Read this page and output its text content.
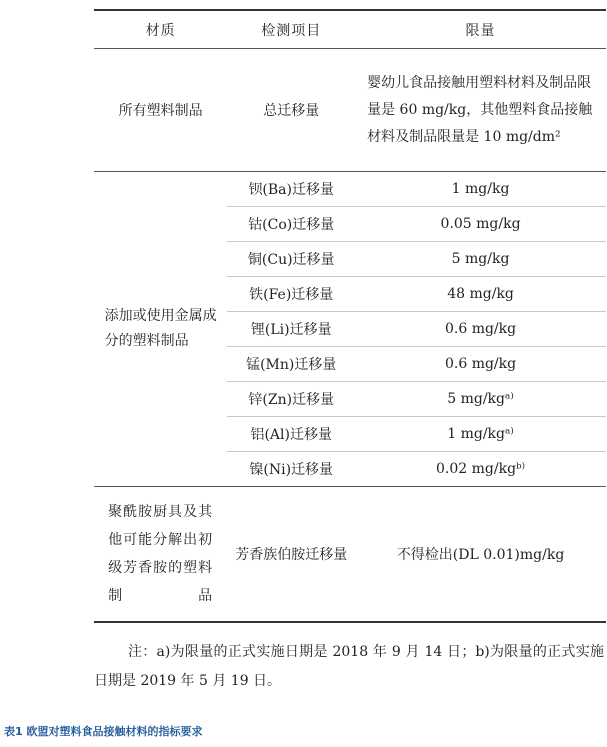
材质	检测项目	限量
所有塑料制品	总迁移量	婴幼儿食品接触用塑料材料及制品限量是 60 mg/kg，其他塑料食品接触材料及制品限量是 10 mg/dm²
添加或使用金属成分的塑料制品	钡(Ba)迁移量	1 mg/kg
	钴(Co)迁移量	0.05 mg/kg
	铜(Cu)迁移量	5 mg/kg
	铁(Fe)迁移量	48 mg/kg
	锂(Li)迁移量	0.6 mg/kg
	锰(Mn)迁移量	0.6 mg/kg
	锌(Zn)迁移量	5 mg/kgᵃ⁾
	铝(Al)迁移量	1 mg/kgᵃ⁾
	镍(Ni)迁移量	0.02 mg/kgᵇ⁾
聚酰胺厨具及其他可能分解出初级芳香胺的塑料制品	芳香族伯胺迁移量	不得检出(DL 0.01)mg/kg
注：a)为限量的正式实施日期是 2018 年 9 月 14 日；b)为限量的正式实施日期是 2019 年 5 月 19 日。
表1 欧盟对塑料食品接触材料的指标要求
